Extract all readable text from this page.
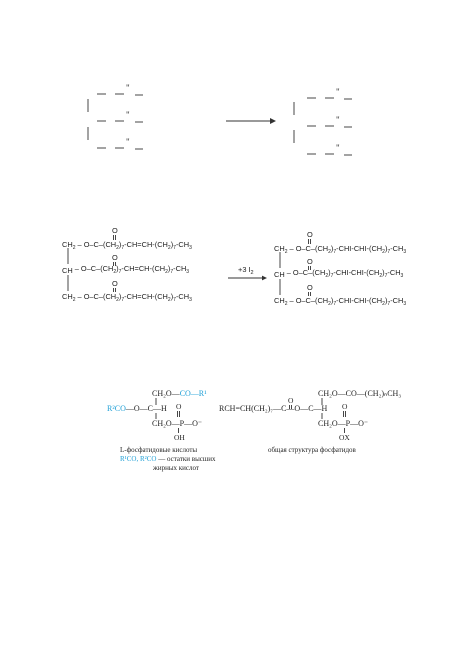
"
"
"
"
"
"
$CH_2 - O-C-(CH_2)_7-CH=CH-(CH_2)_7-CH_3$
O
CH – $O-C-(CH_2)_7-CH=CH-(CH_2)_7-CH_3$
O
$CH_2 - O-C-(CH_2)_7-CH=CH-(CH_2)_7-CH_3$
O
+3 $I_2$
$CH_2 - O-C-(CH_2)_7-CHI-CHI-(CH_2)_7-CH_3$
O
CH – $O-C-(CH_2)_7-CHI-CHI-(CH_2)_7-CH_3$
O
$CH_2 - O-C-(CH_2)_7-CHI-CHI-(CH_2)_7-CH_3$
O
CH₂O—CO—R¹
R²CO—O—C—H O
CH₂O—P—O⁻
OH
L-фосфатидовые кислоты
R¹CO, R²CO — остатки высших
жирных кислот
CH₂O—CO—(CH₂)ₙCH₃
O
RCH=CH(CH₂)₇—C—O—C—H O
CH₂O—P—O⁻
OX
общая структура фосфатидов
